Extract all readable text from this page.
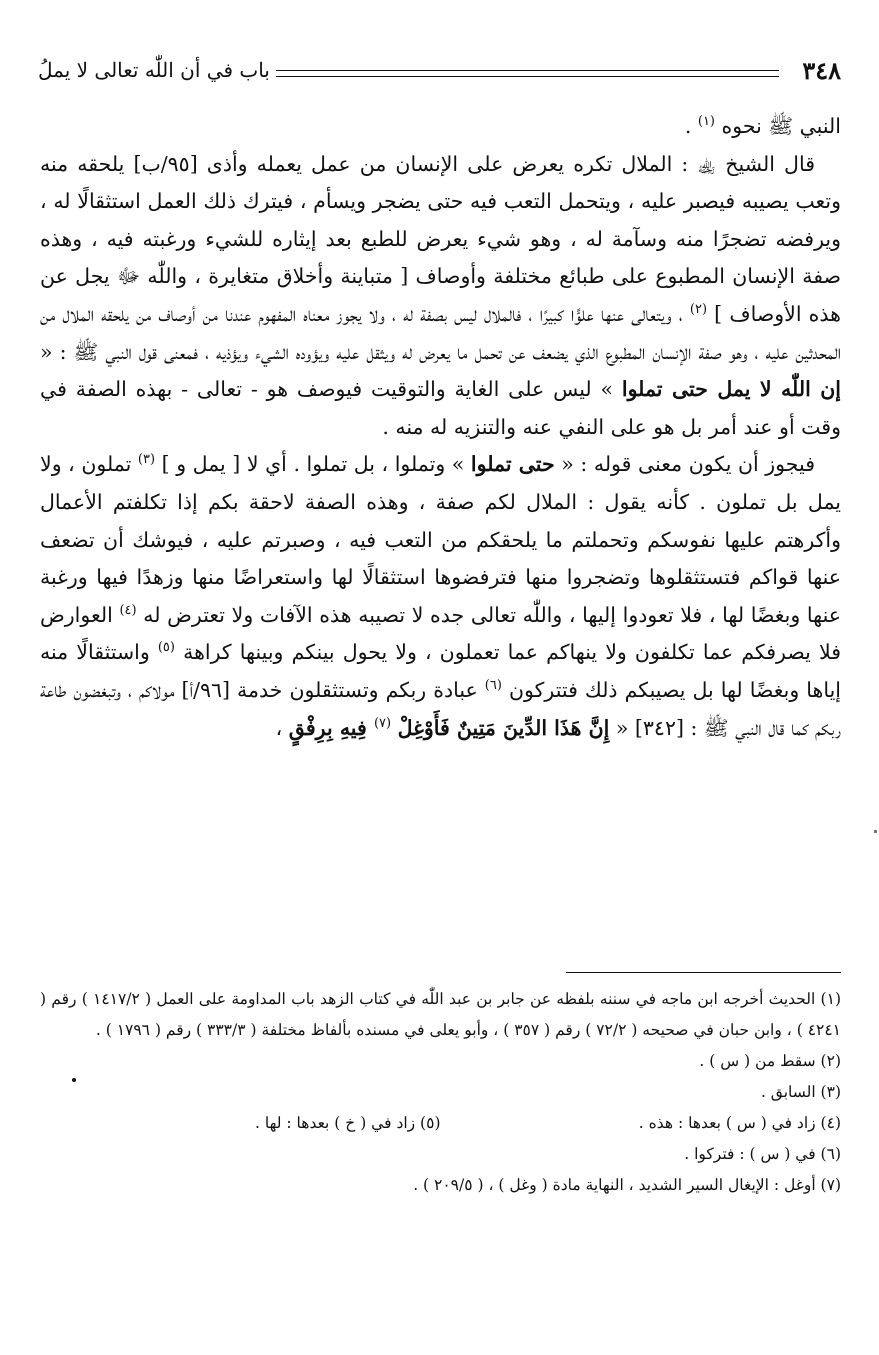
٣٤٨
باب في أن اللّٰه تعالى لا يملُ

النبي ﷺ نحوه $^{(١)}$ .

قال الشيخ ﵀ : الملال تكره يعرض على الإنسان من عمل يعمله وأذى [٩٥/ب] يلحقه منه وتعب يصيبه فيصبر عليه ، ويتحمل التعب فيه حتى يضجر ويسأم ، فيترك ذلك العمل استثقالًا له ، ويرفضه تضجرًا منه وسآمة له ، وهو شيء يعرض للطبع بعد إيثاره للشيء ورغبته فيه ، وهذه صفة الإنسان المطبوع على طبائع مختلفة وأوصاف [ متباينة وأخلاق متغايرة ، واللّٰه ﷻ يجل عن هذه الأوصاف ] $^{(٢)}$ ، ويتعالى عنها علوًّا كبيرًا ، فالملال ليس بصفة له ، ولا يجوز معناه المفهوم عندنا من أوصاف من يلحقه الملال من المحدثين عليه ، وهو صفة الإنسان المطبوع الذي يضعف عن تحمل ما يعرض له ويثقل عليه ويؤوده الشيء ويؤذيه ، فمعنى قول النبي ﷺ : « إن اللّٰه لا يمل حتى تملوا » ليس على الغاية والتوقيت فيوصف هو - تعالى - بهذه الصفة في وقت أو عند أمر بل هو على النفي عنه والتنزيه له منه .

فيجوز أن يكون معنى قوله : « حتى تملوا » وتملوا ، بل تملوا . أي لا [ يمل و ] $^{(٣)}$ تملون ، ولا يمل بل تملون . كأنه يقول : الملال لكم صفة ، وهذه الصفة لاحقة بكم إذا تكلفتم الأعمال وأكرهتم عليها نفوسكم وتحملتم ما يلحقكم من التعب فيه ، وصبرتم عليه ، فيوشك أن تضعف عنها قواكم فتستثقلوها وتضجروا منها فترفضوها استثقالًا لها واستعراضًا منها وزهدًا فيها ورغبة عنها وبغضًا لها ، فلا تعودوا إليها ، واللّٰه تعالى جده لا تصيبه هذه الآفات ولا تعترض له $^{(٤)}$ العوارض فلا يصرفكم عما تكلفون ولا ينهاكم عما تعملون ، ولا يحول بينكم وبينها كراهة $^{(٥)}$ واستثقالًا منه إياها وبغضًا لها بل يصيبكم ذلك فتتركون $^{(٦)}$ عبادة ربكم وتستثقلون خدمة [٩٦/أ] مولاكم ، وتبغضون طاعة ربكم كما قال النبي ﷺ : [٣٤٢] « إِنَّ هَذَا الدِّينَ مَتِينٌ فَأَوْغِلْ $^{(٧)}$ فِيهِ بِرِفْقٍ ،

(١) الحديث أخرجه ابن ماجه في سننه بلفظه عن جابر بن عبد اللّٰه في كتاب الزهد باب المداومة على العمل ( ١٤١٧/٢ ) رقم ( ٤٢٤١ ) ، وابن حبان في صحيحه ( ٧٢/٢ ) رقم ( ٣٥٧ ) ، وأبو يعلى في مسنده بألفاظ مختلفة ( ٣٣٣/٣ ) رقم ( ١٧٩٦ ) .

(٢) سقط من ( س ) .

(٣) السابق .

(٤) زاد في ( س ) بعدها : هذه .

(٥) زاد في ( خ ) بعدها : لها .

(٦) في ( س ) : فتركوا .

(٧) أوغل : الإيغال السير الشديد ، النهاية مادة ( وغل ) ، ( ٢٠٩/٥ ) .
